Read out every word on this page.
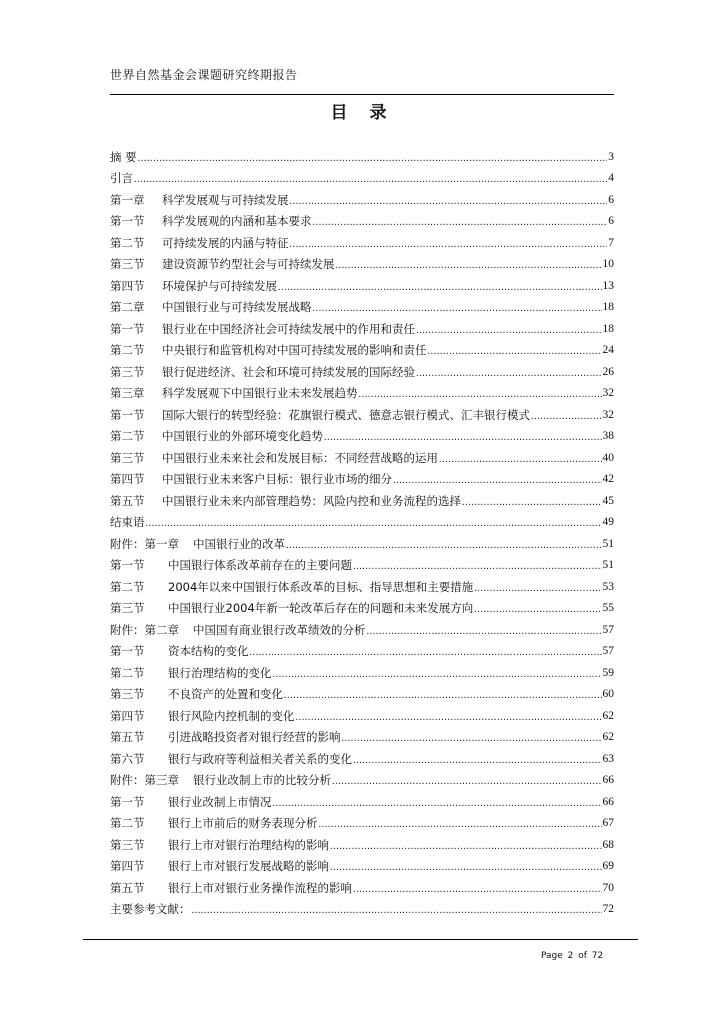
世界自然基金会课题研究终期报告
目 录
摘 要 .....	3
引言 .....	4
第一章	科学发展观与可持续发展 .....	6
第一节	科学发展观的内涵和基本要求 .....	6
第二节	可持续发展的内涵与特征 .....	7
第三节	建设资源节约型社会与可持续发展 .....	10
第四节	环境保护与可持续发展 .....	13
第二章	中国银行业与可持续发展战略 .....	18
第一节	银行业在中国经济社会可持续发展中的作用和责任 .....	18
第二节	中央银行和监管机构对中国可持续发展的影响和责任 .....	24
第三节	银行促进经济、社会和环境可持续发展的国际经验 .....	26
第三章	科学发展观下中国银行业未来发展趋势 .....	32
第一节	国际大银行的转型经验：花旗银行模式、德意志银行模式、汇丰银行模式 .....	32
第二节	中国银行业的外部环境变化趋势 .....	38
第三节	中国银行业未来社会和发展目标：不同经营战略的运用 .....	40
第四节	中国银行业未来客户目标：银行业市场的细分 .....	42
第五节	中国银行业未来内部管理趋势：风险内控和业务流程的选择 .....	45
结束语 .....	49
附件：第一章 中国银行业的改革 .....	51
第一节	中国银行体系改革前存在的主要问题 .....	51
第二节	2004年以来中国银行体系改革的目标、指导思想和主要措施 .....	53
第三节	中国银行业2004年新一轮改革后存在的问题和未来发展方向 .....	55
附件：第二章 中国国有商业银行改革绩效的分析 .....	57
第一节	资本结构的变化 .....	57
第二节	银行治理结构的变化 .....	59
第三节	不良资产的处置和变化 .....	60
第四节	银行风险内控机制的变化 .....	62
第五节	引进战略投资者对银行经营的影响 .....	62
第六节	银行与政府等利益相关者关系的变化 .....	63
附件：第三章 银行业改制上市的比较分析 .....	66
第一节	银行业改制上市情况 .....	66
第二节	银行上市前后的财务表现分析 .....	67
第三节	银行上市对银行治理结构的影响 .....	68
第四节	银行上市对银行发展战略的影响 .....	69
第五节	银行上市对银行业务操作流程的影响 .....	70
主要参考文献： .....	72
Page 2 of 72
